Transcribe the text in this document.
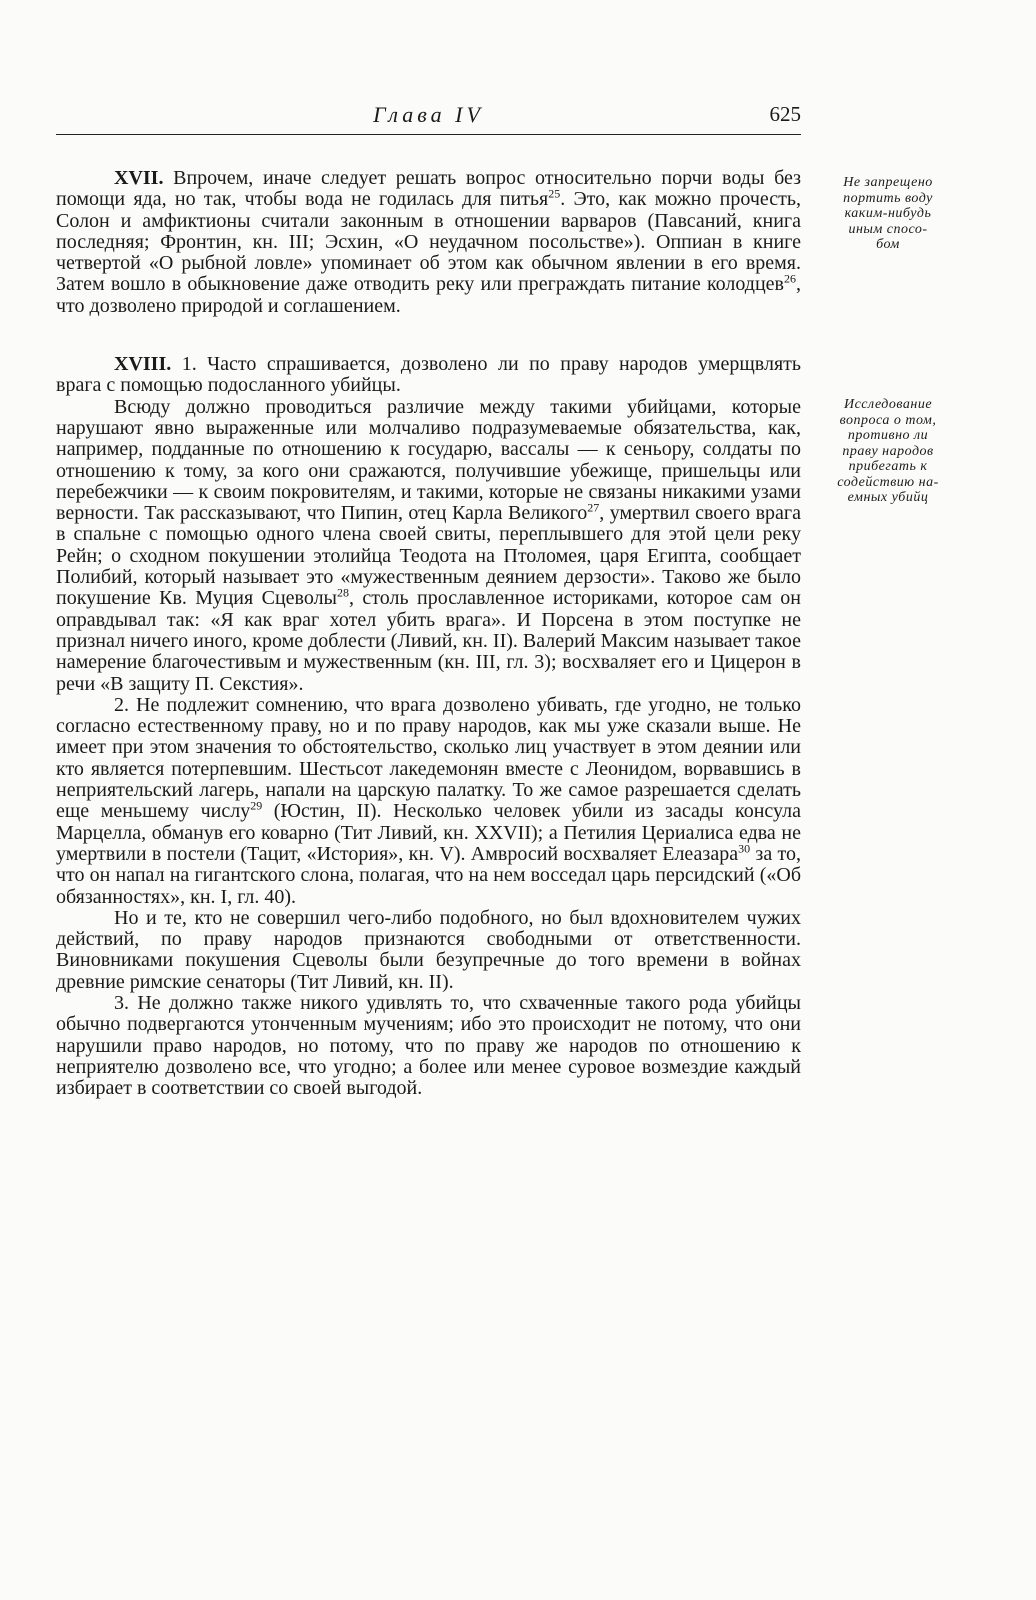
Глава IV	625
Не запрещено
портить воду
каким-нибудь
иным спосо-
бом
Исследование
вопроса о том,
противно ли
праву народов
прибегать к
содействию на-
емных убийц

XVII. Впрочем, иначе следует решать вопрос относительно порчи воды без помощи яда, но так, чтобы вода не годилась для питья$^{25}$. Это, как можно прочесть, Солон и амфиктионы считали законным в отношении варваров (Павсаний, книга последняя; Фронтин, кн. III; Эсхин, «О неудачном посольстве»). Оппиан в книге четвертой «О рыбной ловле» упоминает об этом как обычном явлении в его время. Затем вошло в обыкновение даже отводить реку или преграждать питание колодцев$^{26}$, что дозволено природой и соглашением.

XVIII. 1. Часто спрашивается, дозволено ли по праву народов умерщвлять врага с помощью подосланного убийцы.

Всюду должно проводиться различие между такими убийцами, которые нарушают явно выраженные или молчаливо подразумеваемые обязательства, как, например, подданные по отношению к государю, вассалы — к сеньору, солдаты по отношению к тому, за кого они сражаются, получившие убежище, пришельцы или перебежчики — к своим покровителям, и такими, которые не связаны никакими узами верности. Так рассказывают, что Пипин, отец Карла Великого$^{27}$, умертвил своего врага в спальне с помощью одного члена своей свиты, переплывшего для этой цели реку Рейн; о сходном покушении этолийца Теодота на Птоломея, царя Египта, сообщает Полибий, который называет это «мужественным деянием дерзости». Таково же было покушение Кв. Муция Сцеволы$^{28}$, столь прославленное историками, которое сам он оправдывал так: «Я как враг хотел убить врага». И Порсена в этом поступке не признал ничего иного, кроме доблести (Ливий, кн. II). Валерий Максим называет такое намерение благочестивым и мужественным (кн. III, гл. 3); восхваляет его и Цицерон в речи «В защиту П. Секстия».

2. Не подлежит сомнению, что врага дозволено убивать, где угодно, не только согласно естественному праву, но и по праву народов, как мы уже сказали выше. Не имеет при этом значения то обстоятельство, сколько лиц участвует в этом деянии или кто является потерпевшим. Шестьсот лакедемонян вместе с Леонидом, ворвавшись в неприятельский лагерь, напали на царскую палатку. То же самое разрешается сделать еще меньшему числу$^{29}$ (Юстин, II). Несколько человек убили из засады консула Марцелла, обманув его коварно (Тит Ливий, кн. XXVII); а Петилия Цериалиса едва не умертвили в постели (Тацит, «История», кн. V). Амвросий восхваляет Елеазара$^{30}$ за то, что он напал на гигантского слона, полагая, что на нем восседал царь персидский («Об обязанностях», кн. I, гл. 40).

Но и те, кто не совершил чего-либо подобного, но был вдохновителем чужих действий, по праву народов признаются свободными от ответственности. Виновниками покушения Сцеволы были безупречные до того времени в войнах древние римские сенаторы (Тит Ливий, кн. II).

3. Не должно также никого удивлять то, что схваченные такого рода убийцы обычно подвергаются утонченным мучениям; ибо это происходит не потому, что они нарушили право народов, но потому, что по праву же народов по отношению к неприятелю дозволено все, что угодно; а более или менее суровое возмездие каждый избирает в соответствии со своей выгодой.
